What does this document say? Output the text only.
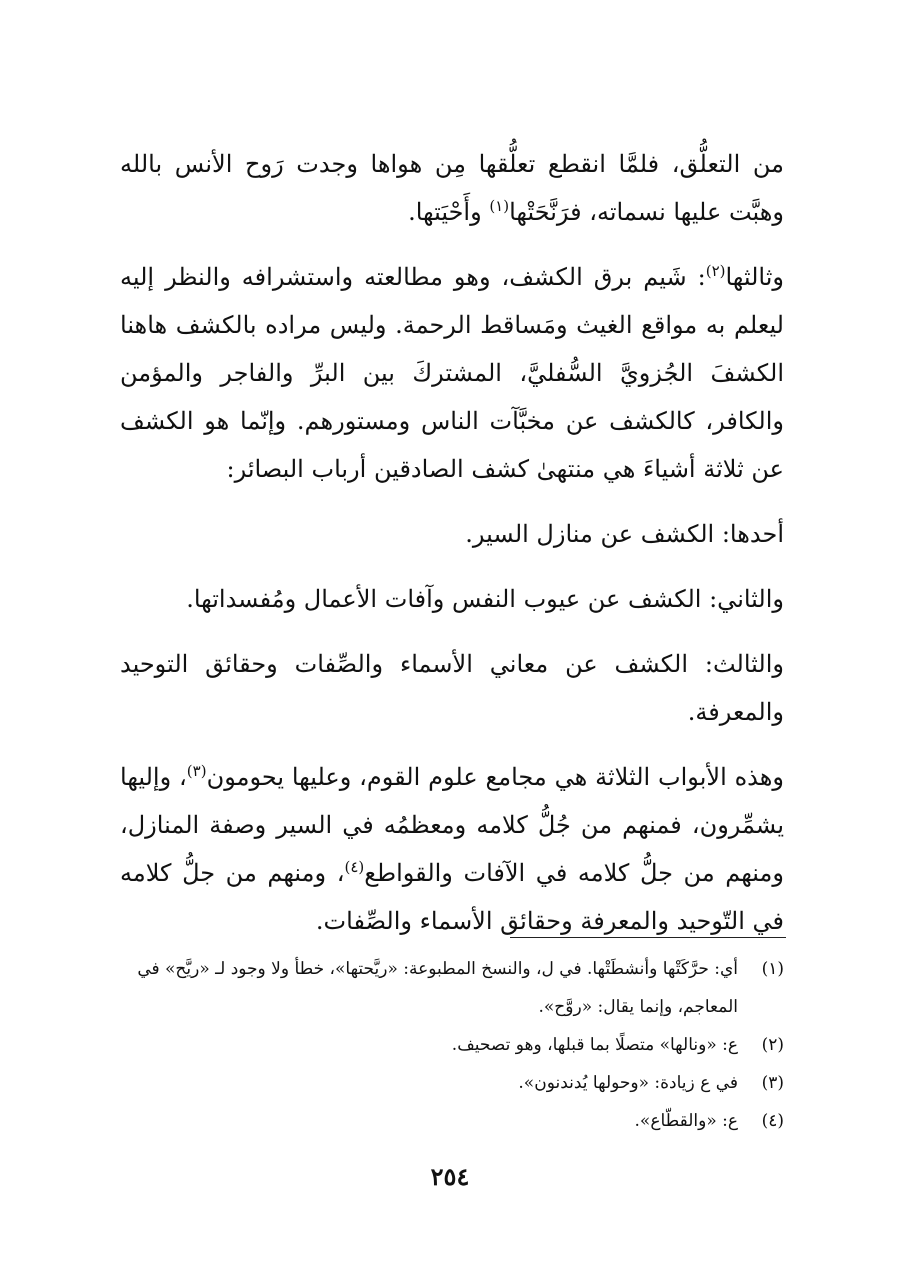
من التعلُّق، فلمَّا انقطع تعلُّقها مِن هواها وجدت رَوح الأنس بالله وهبَّت عليها نسماته، فرَنَّحَتْها$^{(١)}$ وأَحْيَتها.

وثالثها$^{(٢)}$: شَيم برق الكشف، وهو مطالعته واستشرافه والنظر إليه ليعلم به مواقع الغيث ومَساقط الرحمة. وليس مراده بالكشف هاهنا الكشفَ الجُزويَّ السُّفليَّ، المشتركَ بين البرِّ والفاجر والمؤمن والكافر، كالكشف عن مخبَّآت الناس ومستورهم. وإنّما هو الكشف عن ثلاثة أشياءَ هي منتهىٰ كشف الصادقين أرباب البصائر:

أحدها: الكشف عن منازل السير.

والثاني: الكشف عن عيوب النفس وآفات الأعمال ومُفسداتها.

والثالث: الكشف عن معاني الأسماء والصِّفات وحقائق التوحيد والمعرفة.

وهذه الأبواب الثلاثة هي مجامع علوم القوم، وعليها يحومون$^{(٣)}$، وإليها يشمِّرون، فمنهم من جُلُّ كلامه ومعظمُه في السير وصفة المنازل، ومنهم من جلُّ كلامه في الآفات والقواطع$^{(٤)}$، ومنهم من جلُّ كلامه في التّوحيد والمعرفة وحقائق الأسماء والصِّفات.

(١)
أي: حرَّكَتْها وأنشطَتْها. في ل، والنسخ المطبوعة: «ريَّحتها»، خطأ ولا وجود لـ «ريَّح» في المعاجم، وإنما يقال: «روَّح».
(٢)
ع: «ونالها» متصلًا بما قبلها، وهو تصحيف.
(٣)
في ع زيادة: «وحولها يُدندنون».
(٤)
ع: «والقطّاع».
٢٥٤
